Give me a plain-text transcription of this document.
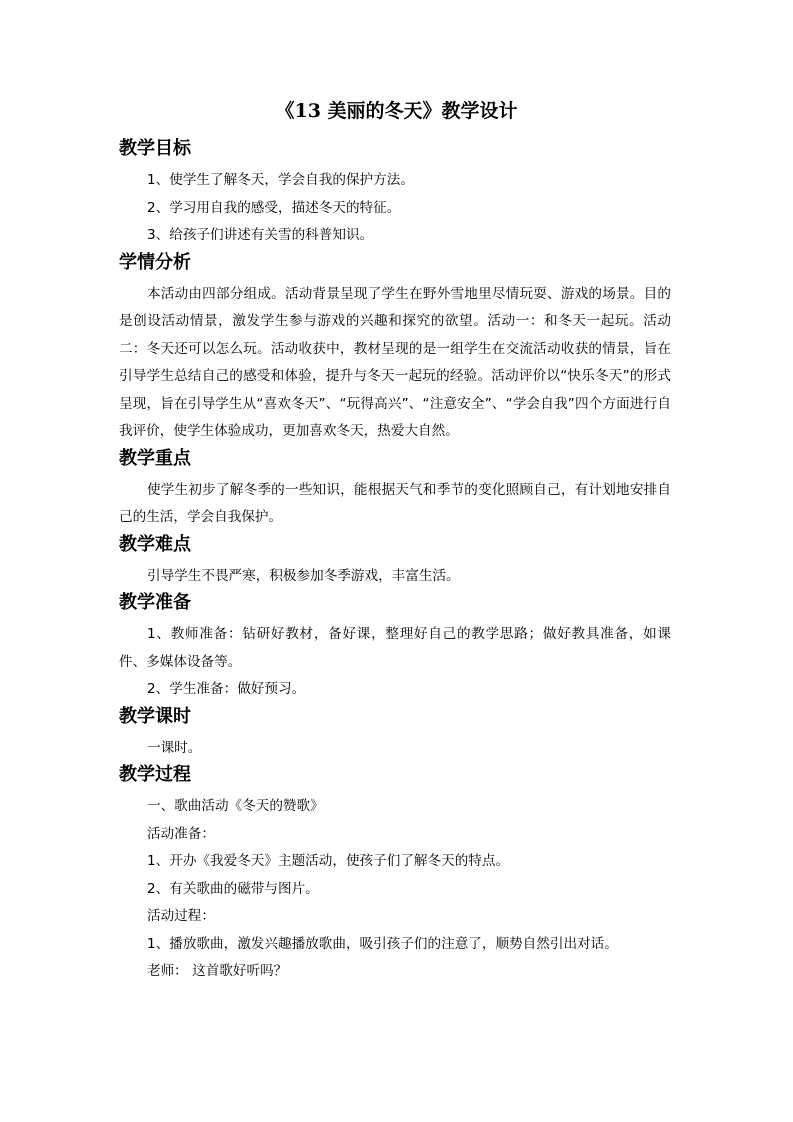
《13 美丽的冬天》教学设计
教学目标

1、使学生了解冬天，学会自我的保护方法。

2、学习用自我的感受，描述冬天的特征。

3、给孩子们讲述有关雪的科普知识。

学情分析

本活动由四部分组成。活动背景呈现了学生在野外雪地里尽情玩耍、游戏的场景。目的是创设活动情景，激发学生参与游戏的兴趣和探究的欲望。活动一：和冬天一起玩。活动二：冬天还可以怎么玩。活动收获中，教材呈现的是一组学生在交流活动收获的情景，旨在引导学生总结自己的感受和体验，提升与冬天一起玩的经验。活动评价以“快乐冬天”的形式呈现，旨在引导学生从“喜欢冬天”、“玩得高兴”、“注意安全”、“学会自我”四个方面进行自我评价，使学生体验成功，更加喜欢冬天，热爱大自然。

教学重点

使学生初步了解冬季的一些知识，能根据天气和季节的变化照顾自己，有计划地安排自己的生活，学会自我保护。

教学难点

引导学生不畏严寒，积极参加冬季游戏，丰富生活。

教学准备

1、教师准备：钻研好教材，备好课，整理好自己的教学思路；做好教具准备，如课件、多媒体设备等。

2、学生准备：做好预习。

教学课时

一课时。

教学过程

一、歌曲活动《冬天的赞歌》

活动准备：

1、开办《我爱冬天》主题活动，使孩子们了解冬天的特点。

2、有关歌曲的磁带与图片。

活动过程：

1、播放歌曲，激发兴趣播放歌曲，吸引孩子们的注意了，顺势自然引出对话。

老师： 这首歌好听吗？
